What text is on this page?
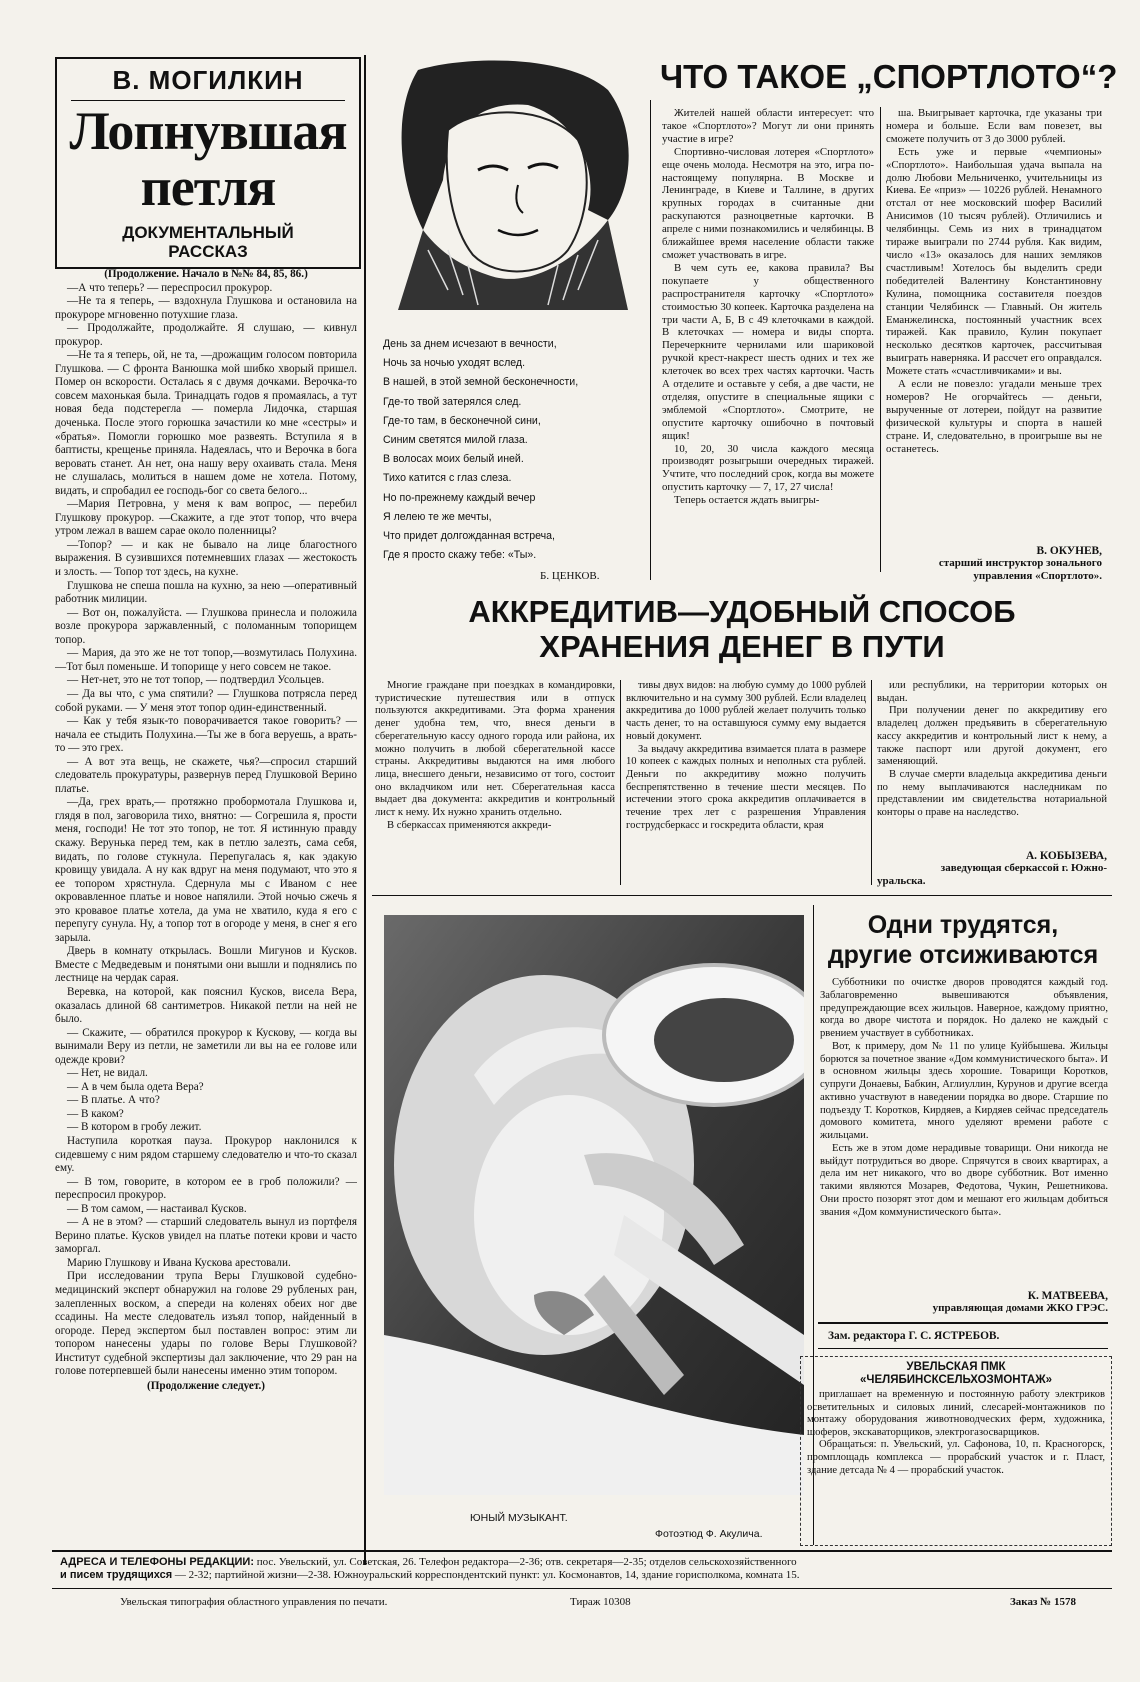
В. МОГИЛКИН
Лопнувшая
петля
ДОКУМЕНТАЛЬНЫЙ
РАССКАЗ
(Продолжение. Начало в №№ 84, 85, 86.)

—А что теперь? — переспросил прокурор.

—Не та я теперь, — вздохнула Глушкова и остановила на прокуроре мгновенно потухшие глаза.

— Продолжайте, продолжайте. Я слушаю, — кивнул прокурор.

—Не та я теперь, ой, не та, —дрожащим голосом повторила Глушкова. — С фронта Ванюшка мой шибко хворый пришел. Помер он вскорости. Осталась я с двумя дочками. Верочка-то совсем махонькая была. Тринадцать годов я промаялась, а тут новая беда подстерегла — померла Лидочка, старшая доченька. После этого горюшка зачастили ко мне «сестры» и «братья». Помогли горюшко мое развеять. Вступила я в баптисты, крещенье приняла. Надеялась, что и Верочка в бога веровать станет. Ан нет, она нашу веру охаивать стала. Меня не слушалась, молиться в нашем доме не хотела. Потому, видать, и спробадил ее господь-бог со света белого...

—Мария Петровна, у меня к вам вопрос, — перебил Глушкову прокурор. —Скажите, а где этот топор, что вчера утром лежал в вашем сарае около поленницы?

—Топор? — и как не бывало на лице благостного выражения. В сузившихся потемневших глазах — жестокость и злость. — Топор тот здесь, на кухне.

Глушкова не спеша пошла на кухню, за нею —оперативный работник милиции.

— Вот он, пожалуйста. — Глушкова принесла и положила возле прокурора заржавленный, с поломанным топорищем топор.

— Мария, да это же не тот топор,—возмутилась Полухина.—Тот был поменьше. И топорище у него совсем не такое.

— Нет-нет, это не тот топор, — подтвердил Усольцев.

— Да вы что, с ума спятили? — Глушкова потрясла перед собой руками. — У меня этот топор один-единственный.

— Как у тебя язык-то поворачивается такое говорить? — начала ее стыдить Полухина.—Ты же в бога веруешь, а врать-то — это грех.

— А вот эта вещь, не скажете, чья?—спросил старший следователь прокуратуры, развернув перед Глушковой Верино платье.

—Да, грех врать,— протяжно пробормотала Глушкова и, глядя в пол, заговорила тихо, внятно: — Согрешила я, прости меня, господи! Не тот это топор, не тот. Я истинную правду скажу. Верунька перед тем, как в петлю залезть, сама себя, видать, по голове стукнула. Перепугалась я, как эдакую кровищу увидала. А ну как вдруг на меня подумают, что это я ее топором хрястнула. Сдернула мы с Иваном с нее окровавленное платье и новое напялили. Этой ночью сжечь я это кровавое платье хотела, да ума не хватило, куда я его с перепугу сунула. Ну, а топор тот в огороде у меня, в снег я его зарыла.

Дверь в комнату открылась. Вошли Мигунов и Кусков. Вместе с Медведевым и понятыми они вышли и поднялись по лестнице на чердак сарая.

Веревка, на которой, как пояснил Кусков, висела Вера, оказалась длиной 68 сантиметров. Никакой петли на ней не было.

— Скажите, — обратился прокурор к Кускову, — когда вы вынимали Веру из петли, не заметили ли вы на ее голове или одежде крови?

— Нет, не видал.

— А в чем была одета Вера?

— В платье. А что?

— В каком?

— В котором в гробу лежит.

Наступила короткая пауза. Прокурор наклонился к сидевшему с ним рядом старшему следователю и что-то сказал ему.

— В том, говорите, в котором ее в гроб положили? — переспросил прокурор.

— В том самом, — настаивал Кусков.

— А не в этом? — старший следователь вынул из портфеля Верино платье. Кусков увидел на платье потеки крови и часто заморгал.

Марию Глушкову и Ивана Кускова арестовали.

При исследовании трупа Веры Глушковой судебно-медицинский эксперт обнаружил на голове 29 рубленых ран, залепленных воском, а спереди на коленях обеих ног две ссадины. На месте следователь изъял топор, найденный в огороде. Перед экспертом был поставлен вопрос: этим ли топором нанесены удары по голове Веры Глушковой? Институт судебной экспертизы дал заключение, что 29 ран на голове потерпевшей были нанесены именно этим топором.

(Продолжение следует.)

День за днем исчезают в вечности,

Ночь за ночью уходят вслед.

В нашей, в этой земной бесконечности,

Где-то твой затерялся след.

Где-то там, в бесконечной сини,

Синим светятся милой глаза.

В волосах моих белый иней.

Тихо катится с глаз слеза.

Но по-прежнему каждый вечер

Я лелею те же мечты,

Что придет долгожданная встреча,

Где я просто скажу тебе: «Ты».

Б. ЦЕНКОВ.
ЧТО ТАКОЕ „СПОРТЛОТО“?

Жителей нашей области интересует: что такое «Спортлото»? Могут ли они принять участие в игре?

Спортивно-числовая лотерея «Спортлото» еще очень молода. Несмотря на это, игра по-настоящему популярна. В Москве и Ленинграде, в Киеве и Таллине, в других крупных городах в считанные дни раскупаются разноцветные карточки. В апреле с ними познакомились и челябинцы. В ближайшее время население области также сможет участвовать в игре.

В чем суть ее, какова правила? Вы покупаете у общественного распространителя карточку «Спортлото» стоимостью 30 копеек. Карточка разделена на три части А, Б, В с 49 клеточками в каждой. В клеточках — номера и виды спорта. Перечеркните чернилами или шариковой ручкой крест-накрест шесть одних и тех же клеточек во всех трех частях карточки. Часть А отделите и оставьте у себя, а две части, не отделяя, опустите в специальные ящики с эмблемой «Спортлото». Смотрите, не опустите карточку ошибочно в почтовый ящик!

10, 20, 30 числа каждого месяца производят розыгрыши очередных тиражей. Учтите, что последний срок, когда вы можете опустить карточку — 7, 17, 27 числа!

Теперь остается ждать выигры-

ша. Выигрывает карточка, где указаны три номера и больше. Если вам повезет, вы сможете получить от 3 до 3000 рублей.

Есть уже и первые «чемпионы» «Спортлото». Наибольшая удача выпала на долю Любови Мельниченко, учительницы из Киева. Ее «приз» — 10226 рублей. Ненамного отстал от нее московский шофер Василий Анисимов (10 тысяч рублей). Отличились и челябинцы. Семь из них в тринадцатом тираже выиграли по 2744 рубля. Как видим, число «13» оказалось для наших земляков счастливым! Хотелось бы выделить среди победителей Валентину Константиновну Кулина, помощника составителя поездов станции Челябинск — Главный. Он житель Еманжелинска, постоянный участник всех тиражей. Как правило, Кулин покупает несколько десятков карточек, рассчитывая выиграть наверняка. И рассчет его оправдался. Можете стать «счастливчиками» и вы.

А если не повезло: угадали меньше трех номеров? Не огорчайтесь — деньги, вырученные от лотереи, пойдут на развитие физической культуры и спорта в нашей стране. И, следовательно, в проигрыше вы не останетесь.

В. ОКУНЕВ,
старший инструктор зонального
управления «Спортлото».
АККРЕДИТИВ—УДОБНЫЙ СПОСОБ
ХРАНЕНИЯ ДЕНЕГ В ПУТИ

Многие граждане при поездках в командировки, туристические путешествия или в отпуск пользуются аккредитивами. Эта форма хранения денег удобна тем, что, внеся деньги в сберегательную кассу одного города или района, их можно получить в любой сберегательной кассе страны. Аккредитивы выдаются на имя любого лица, внесшего деньги, независимо от того, состоит оно вкладчиком или нет. Сберегательная касса выдает два документа: аккредитив и контрольный лист к нему. Их нужно хранить отдельно.

В сберкассах применяются аккреди-

тивы двух видов: на любую сумму до 1000 рублей включительно и на сумму 300 рублей. Если владелец аккредитива до 1000 рублей желает получить только часть денег, то на оставшуюся сумму ему выдается новый документ.

За выдачу аккредитива взимается плата в размере 10 копеек с каждых полных и неполных ста рублей. Деньги по аккредитиву можно получить беспрепятственно в течение шести месяцев. По истечении этого срока аккредитив оплачивается в течение трех лет с разрешения Управления гострудсберкасс и госкредита области, края

или республики, на территории которых он выдан.

При получении денег по аккредитиву его владелец должен предъявить в сберегательную кассу аккредитив и контрольный лист к нему, а также паспорт или другой документ, его заменяющий.

В случае смерти владельца аккредитива деньги по нему выплачиваются наследникам по представлении им свидетельства нотариальной конторы о праве на наследство.

А. КОБЫЗЕВА,
заведующая сберкассой г. Южно-
уральска.
ЮНЫЙ МУЗЫКАНТ.
Фотоэтюд Ф. Акулича.
Одни трудятся,
другие отсиживаются

Субботники по очистке дворов проводятся каждый год. Заблаговременно вывешиваются объявления, предупреждающие всех жильцов. Наверное, каждому приятно, когда во дворе чистота и порядок. Но далеко не каждый с рвением участвует в субботниках.

Вот, к примеру, дом № 11 по улице Куйбышева. Жильцы борются за почетное звание «Дом коммунистического быта». И в основном жильцы здесь хорошие. Товарищи Коротков, супруги Донаевы, Бабкин, Аглиуллин, Курунов и другие всегда активно участвуют в наведении порядка во дворе. Старшие по подъезду Т. Коротков, Кирдяев, а Кирдяев сейчас председатель домового комитета, много уделяют времени работе с жильцами.

Есть же в этом доме нерадивые товарищи. Они никогда не выйдут потрудиться во дворе. Спрячутся в своих квартирах, а дела им нет никакого, что во дворе субботник. Вот именно такими являются Мозарев, Федотова, Чукин, Решетникова. Они просто позорят этот дом и мешают его жильцам добиться звания «Дом коммунистического быта».

К. МАТВЕЕВА,
управляющая домами ЖКО ГРЭС.
Зам. редактора Г. С. ЯСТРЕБОВ.
УВЕЛЬСКАЯ ПМК
«ЧЕЛЯБИНСКСЕЛЬХОЗМОНТАЖ»

приглашает на временную и постоянную работу электриков осветительных и силовых линий, слесарей-монтажников по монтажу оборудования животноводческих ферм, художника, шоферов, экскаваторщиков, электрогазосварщиков.

Обращаться: п. Увельский, ул. Сафонова, 10, п. Красногорск, промплощадь комплекса — прорабский участок и г. Пласт, здание детсада № 4 — прорабский участок.

АДРЕСА И ТЕЛЕФОНЫ РЕДАКЦИИ: пос. Увельский, ул. Советская, 26. Телефон редактора—2-36; отв. секретаря—2-35; отделов сельскохозяйственного
и писем трудящихся — 2-32; партийной жизни—2-38. Южноуральский корреспондентский пункт: ул. Космонавтов, 14, здание горисполкома, комната 15.
Увельская типография областного управления по печати.	Тираж 10308	Заказ № 1578
